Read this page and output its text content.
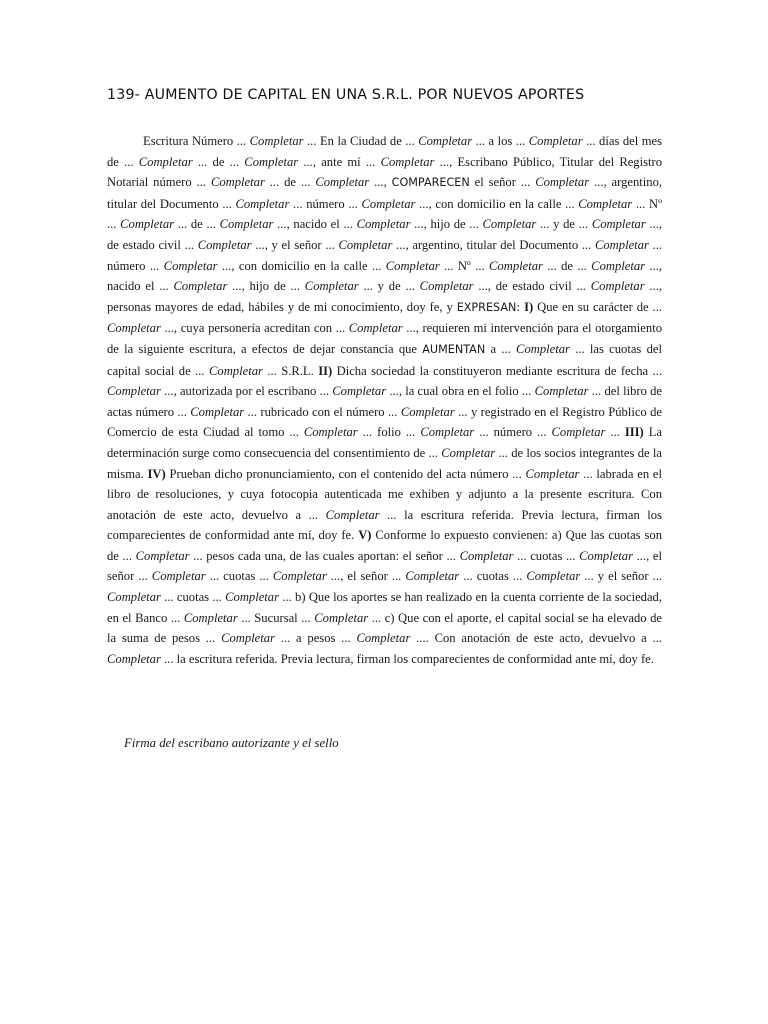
139- AUMENTO DE CAPITAL EN UNA S.R.L. POR NUEVOS APORTES

Escritura Número ... Completar ... En la Ciudad de ... Completar ... a los ... Completar ... días del mes de ... Completar ... de ... Completar ..., ante mí ... Completar ..., Escribano Público, Titular del Registro Notarial número ... Completar ... de ... Completar ..., COMPARECEN el señor ... Completar ..., argentino, titular del Documento ... Completar ... número ... Completar ..., con domicilio en la calle ... Completar ... Nº ... Completar ... de ... Completar ..., nacido el ... Completar ..., hijo de ... Completar ... y de ... Completar ..., de estado civil ... Completar ..., y el señor ... Completar ..., argentino, titular del Documento ... Completar ... número ... Completar ..., con domicilio en la calle ... Completar ... Nº ... Completar ... de ... Completar ..., nacido el ... Completar ..., hijo de ... Completar ... y de ... Completar ..., de estado civil ... Completar ..., personas mayores de edad, hábiles y de mi conocimiento, doy fe, y EXPRESAN: I) Que en su carácter de ... Completar ..., cuya personería acreditan con ... Completar ..., requieren mi intervención para el otorgamiento de la siguiente escritura, a efectos de dejar constancia que AUMENTAN a ... Completar ... las cuotas del capital social de ... Completar ... S.R.L. II) Dicha sociedad la constituyeron mediante escritura de fecha ... Completar ..., autorizada por el escribano ... Completar ..., la cual obra en el folio ... Completar ... del libro de actas número ... Completar ... rubricado con el número ... Completar ... y registrado en el Registro Público de Comercio de esta Ciudad al tomo ... Completar ... folio ... Completar ... número ... Completar ... III) La determinación surge como consecuencia del consentimiento de ... Completar ... de los socios integrantes de la misma. IV) Prueban dicho pronunciamiento, con el contenido del acta número ... Completar ... labrada en el libro de resoluciones, y cuya fotocopia autenticada me exhiben y adjunto a la presente escritura. Con anotación de este acto, devuelvo a ... Completar ... la escritura referida. Previa lectura, firman los comparecientes de conformidad ante mí, doy fe. V) Conforme lo expuesto convienen: a) Que las cuotas son de ... Completar ... pesos cada una, de las cuales aportan: el señor ... Completar ... cuotas ... Completar ..., el señor ... Completar ... cuotas ... Completar ..., el señor ... Completar ... cuotas ... Completar ... y el señor ... Completar ... cuotas ... Completar ... b) Que los aportes se han realizado en la cuenta corriente de la sociedad, en el Banco ... Completar ... Sucursal ... Completar ... c) Que con el aporte, el capital social se ha elevado de la suma de pesos ... Completar ... a pesos ... Completar .... Con anotación de este acto, devuelvo a ... Completar ... la escritura referida. Previa lectura, firman los comparecientes de conformidad ante mí, doy fe.

Firma del escribano autorizante y el sello
